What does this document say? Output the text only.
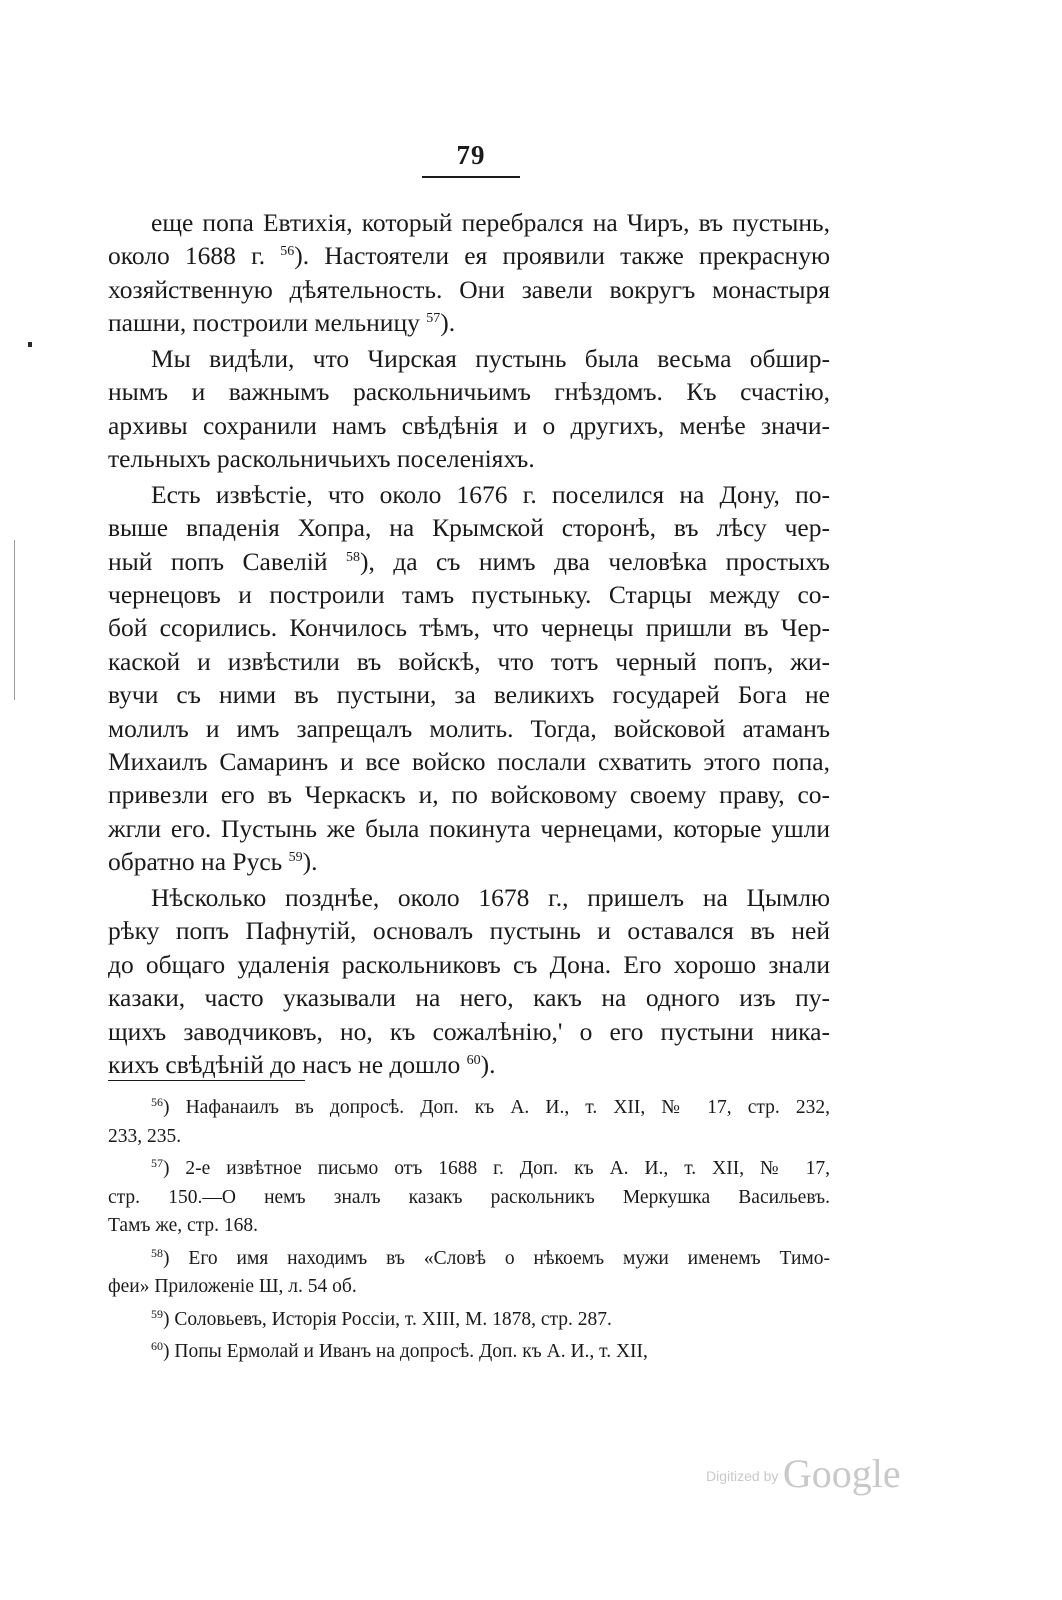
79
еще попа Евтихія, который перебрался на Чиръ, въ пустынь,
около 1688 г. $^{56}$). Настоятели ея проявили также прекрасную
хозяйственную дѣятельность. Они завели вокругъ монастыря
пашни, построили мельницу $^{57}$).
Мы видѣли, что Чирская пустынь была весьма обшир-
нымъ и важнымъ раскольничьимъ гнѣздомъ. Къ счастію,
архивы сохранили намъ свѣдѣнія и о другихъ, менѣе значи-
тельныхъ раскольничьихъ поселеніяхъ.
Есть извѣстіе, что около 1676 г. поселился на Дону, по-
выше впаденія Хопра, на Крымской сторонѣ, въ лѣсу чер-
ный попъ Савелій $^{58}$), да съ нимъ два человѣка простыхъ
чернецовъ и построили тамъ пустыньку. Старцы между со-
бой ссорились. Кончилось тѣмъ, что чернецы пришли въ Чер-
каской и извѣстили въ войскѣ, что тотъ черный попъ, жи-
вучи съ ними въ пустыни, за великихъ государей Бога не
молилъ и имъ запрещалъ молить. Тогда, войсковой атаманъ
Михаилъ Самаринъ и все войско послали схватить этого попа,
привезли его въ Черкаскъ и, по войсковому своему праву, со-
жгли его. Пустынь же была покинута чернецами, которые ушли
обратно на Русь $^{59}$).
Нѣсколько позднѣе, около 1678 г., пришелъ на Цымлю
рѣку попъ Пафнутій, основалъ пустынь и оставался въ ней
до общаго удаленія раскольниковъ съ Дона. Его хорошо знали
казаки, часто указывали на него, какъ на одного изъ пу-
щихъ заводчиковъ, но, къ сожалѣнію,' о его пустыни ника-
кихъ свѣдѣній до насъ не дошло $^{60}$).
$^{56}$) Нафанаилъ въ допросѣ. Доп. къ А. И., т. XII, № 17, стр. 232,
233, 235.
$^{57}$) 2-е извѣтное письмо отъ 1688 г. Доп. къ А. И., т. XII, № 17,
стр. 150.—О немъ зналъ казакъ раскольникъ Меркушка Васильевъ.
Тамъ же, стр. 168.
$^{58}$) Его имя находимъ въ «Словѣ о нѣкоемъ мужи именемъ Тимо-
феи» Приложеніе Ш, л. 54 об.
$^{59}$) Соловьевъ, Исторія Россіи, т. XIII, М. 1878, стр. 287.
$^{60}$) Попы Ермолай и Иванъ на допросѣ. Доп. къ А. И., т. XII,
Digitized by Google
